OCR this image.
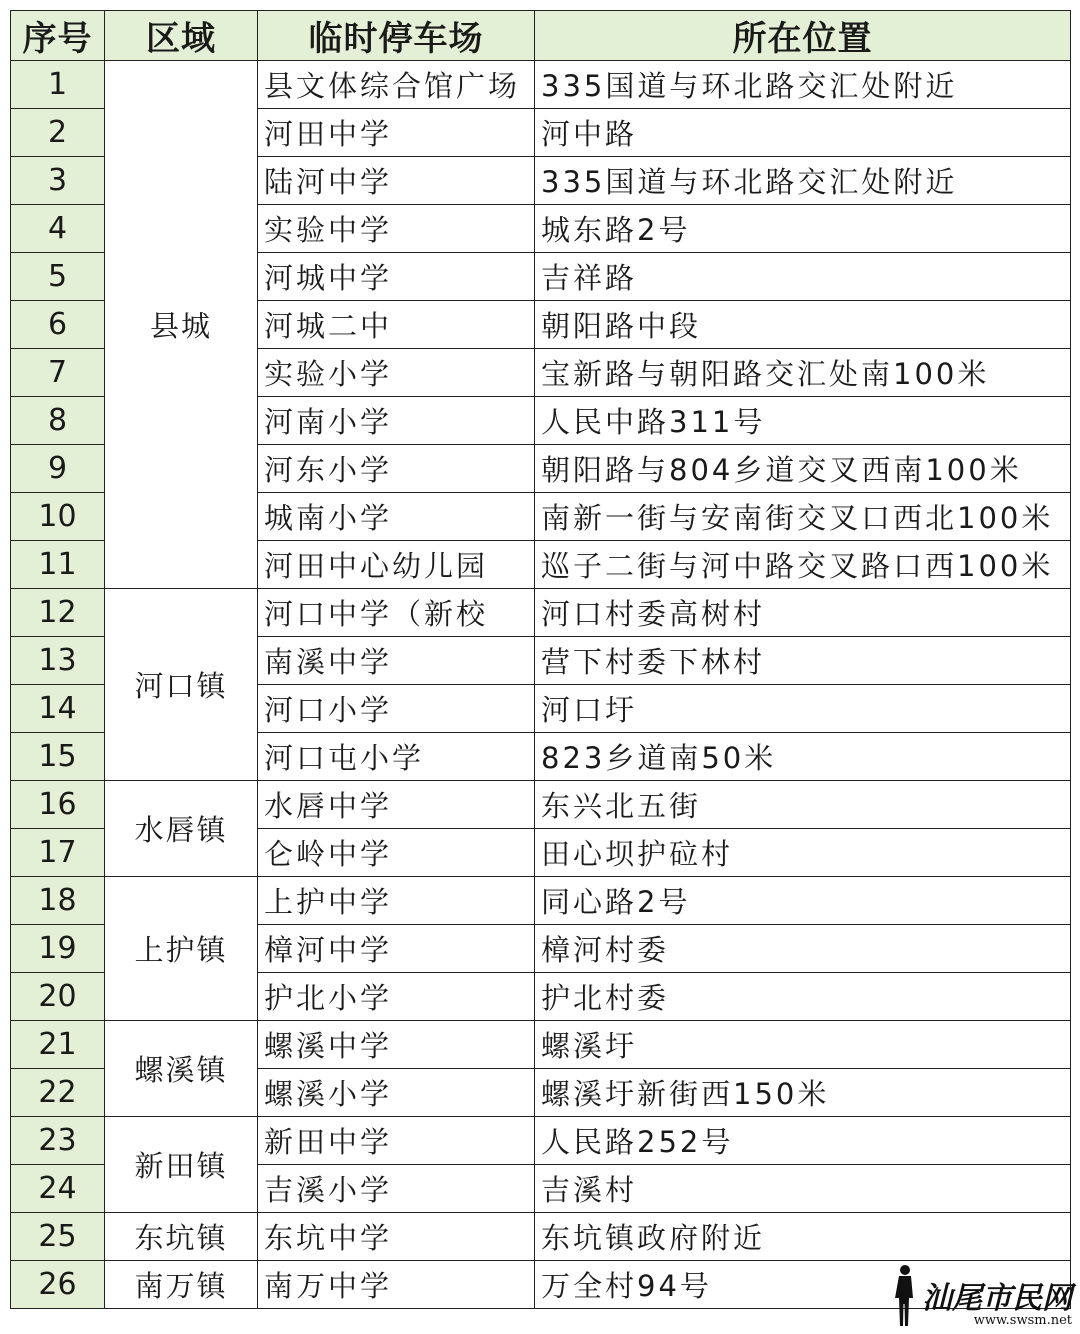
序号	区域	临时停车场	所在位置
1	县城	县文体综合馆广场	335国道与环北路交汇处附近
2		河田中学	河中路
3		陆河中学	335国道与环北路交汇处附近
4		实验中学	城东路2号
5		河城中学	吉祥路
6		河城二中	朝阳路中段
7		实验小学	宝新路与朝阳路交汇处南100米
8		河南小学	人民中路311号
9		河东小学	朝阳路与804乡道交叉西南100米
10		城南小学	南新一街与安南街交叉口西北100米
11		河田中心幼儿园	巡子二街与河中路交叉路口西100米
12	河口镇	河口中学（新校	河口村委高树村
13		南溪中学	营下村委下林村
14		河口小学	河口圩
15		河口屯小学	823乡道南50米
16	水唇镇	水唇中学	东兴北五街
17		仑岭中学	田心坝护砬村
18	上护镇	上护中学	同心路2号
19		樟河中学	樟河村委
20		护北小学	护北村委
21	螺溪镇	螺溪中学	螺溪圩
22		螺溪小学	螺溪圩新街西150米
23	新田镇	新田中学	人民路252号
24		吉溪小学	吉溪村
25	东坑镇	东坑中学	东坑镇政府附近
26	南万镇	南万中学	万全村94号	汕尾市民网
www.swsm.net
